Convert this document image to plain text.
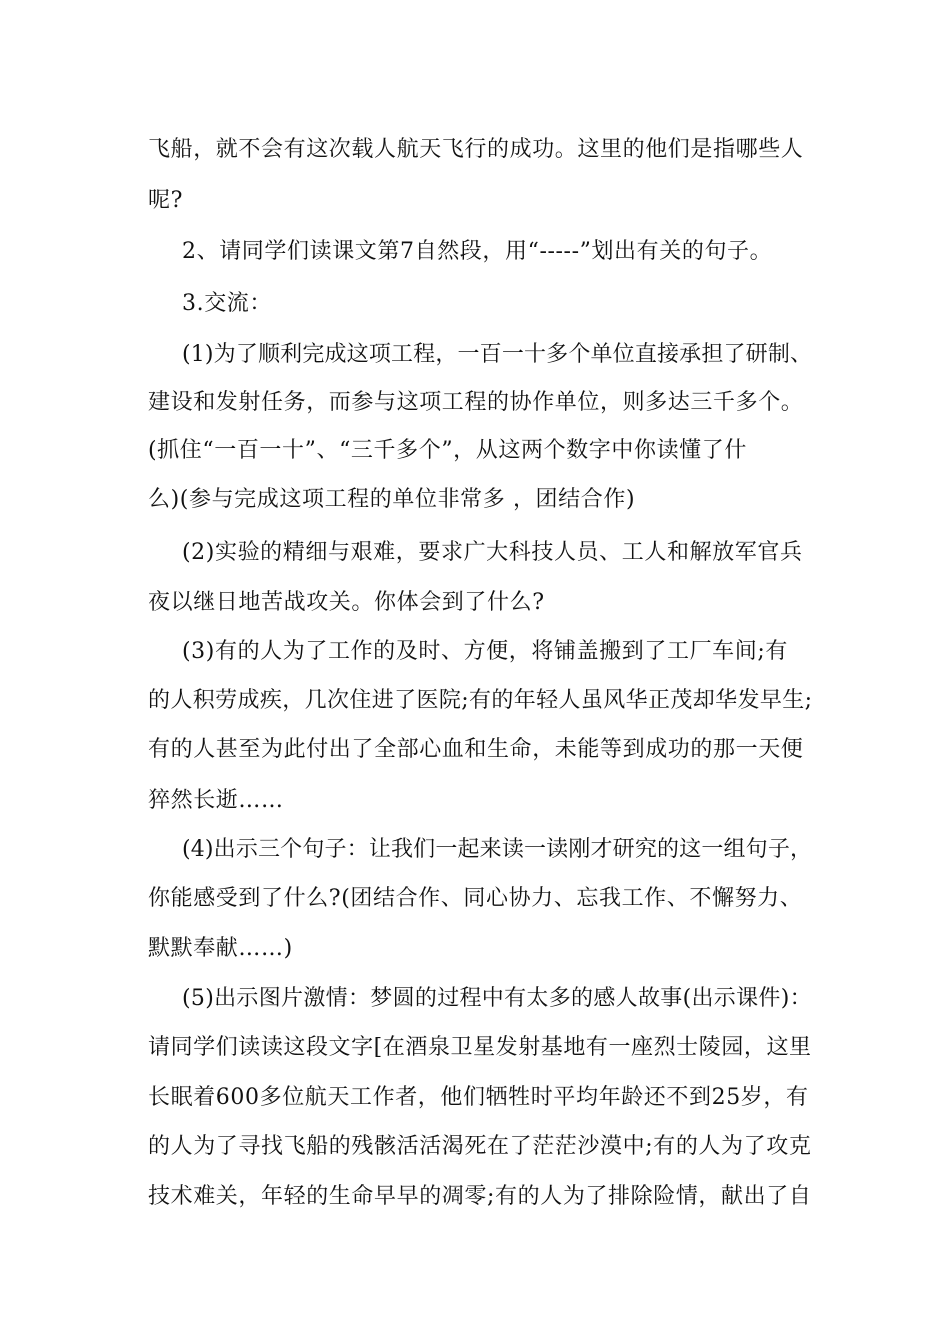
飞船，就不会有这次载人航天飞行的成功。这里的他们是指哪些人
呢?
2、请同学们读课文第7自然段，用“-----”划出有关的句子。
3.交流：
(1)为了顺利完成这项工程，一百一十多个单位直接承担了研制、
建设和发射任务，而参与这项工程的协作单位，则多达三千多个。
(抓住“一百一十”、“三千多个”，从这两个数字中你读懂了什
么)(参与完成这项工程的单位非常多 ，团结合作)
(2)实验的精细与艰难，要求广大科技人员、工人和解放军官兵
夜以继日地苦战攻关。你体会到了什么?
(3)有的人为了工作的及时、方便，将铺盖搬到了工厂车间;有
的人积劳成疾，几次住进了医院;有的年轻人虽风华正茂却华发早生;
有的人甚至为此付出了全部心血和生命，未能等到成功的那一天便
猝然长逝……
(4)出示三个句子：让我们一起来读一读刚才研究的这一组句子，
你能感受到了什么?(团结合作、同心协力、忘我工作、不懈努力、
默默奉献……)
(5)出示图片激情：梦圆的过程中有太多的感人故事(出示课件)：
请同学们读读这段文字[在酒泉卫星发射基地有一座烈士陵园，这里
长眠着600多位航天工作者，他们牺牲时平均年龄还不到25岁，有
的人为了寻找飞船的残骸活活渴死在了茫茫沙漠中;有的人为了攻克
技术难关，年轻的生命早早的凋零;有的人为了排除险情，献出了自
